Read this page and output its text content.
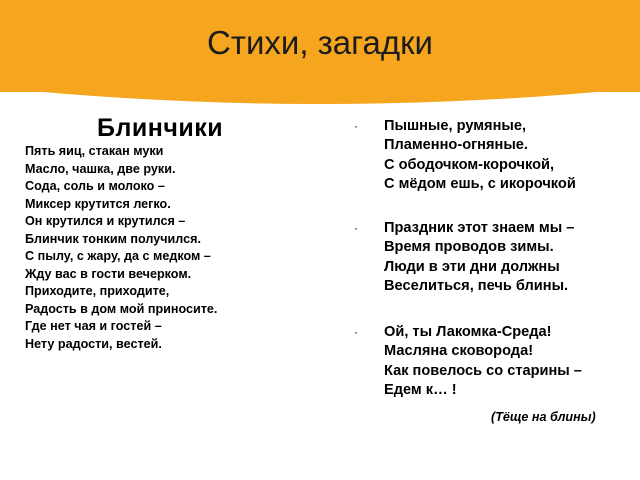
Стихи, загадки
Блинчики
Пять яиц, стакан муки
Масло, чашка, две руки.
Сода, соль и молоко –
Миксер крутится легко.
Он крутился и крутился –
Блинчик тонким получился.
С пылу, с жару, да с медком –
Жду вас в гости вечерком.
Приходите, приходите,
Радость в дом мой приносите.
Где нет чая и гостей –
Нету радости, вестей.
· Пышные, румяные,
Пламенно-огняные.
С ободочком-корочкой,
С мёдом ешь, с икорочкой
· Праздник этот знаем мы –
Время проводов зимы.
Люди в эти дни должны
Веселиться, печь блины.
· Ой, ты Лакомка-Среда!
Масляна сковорода!
Как повелось со старины –
Едем к… !
(Тёще на блины)
